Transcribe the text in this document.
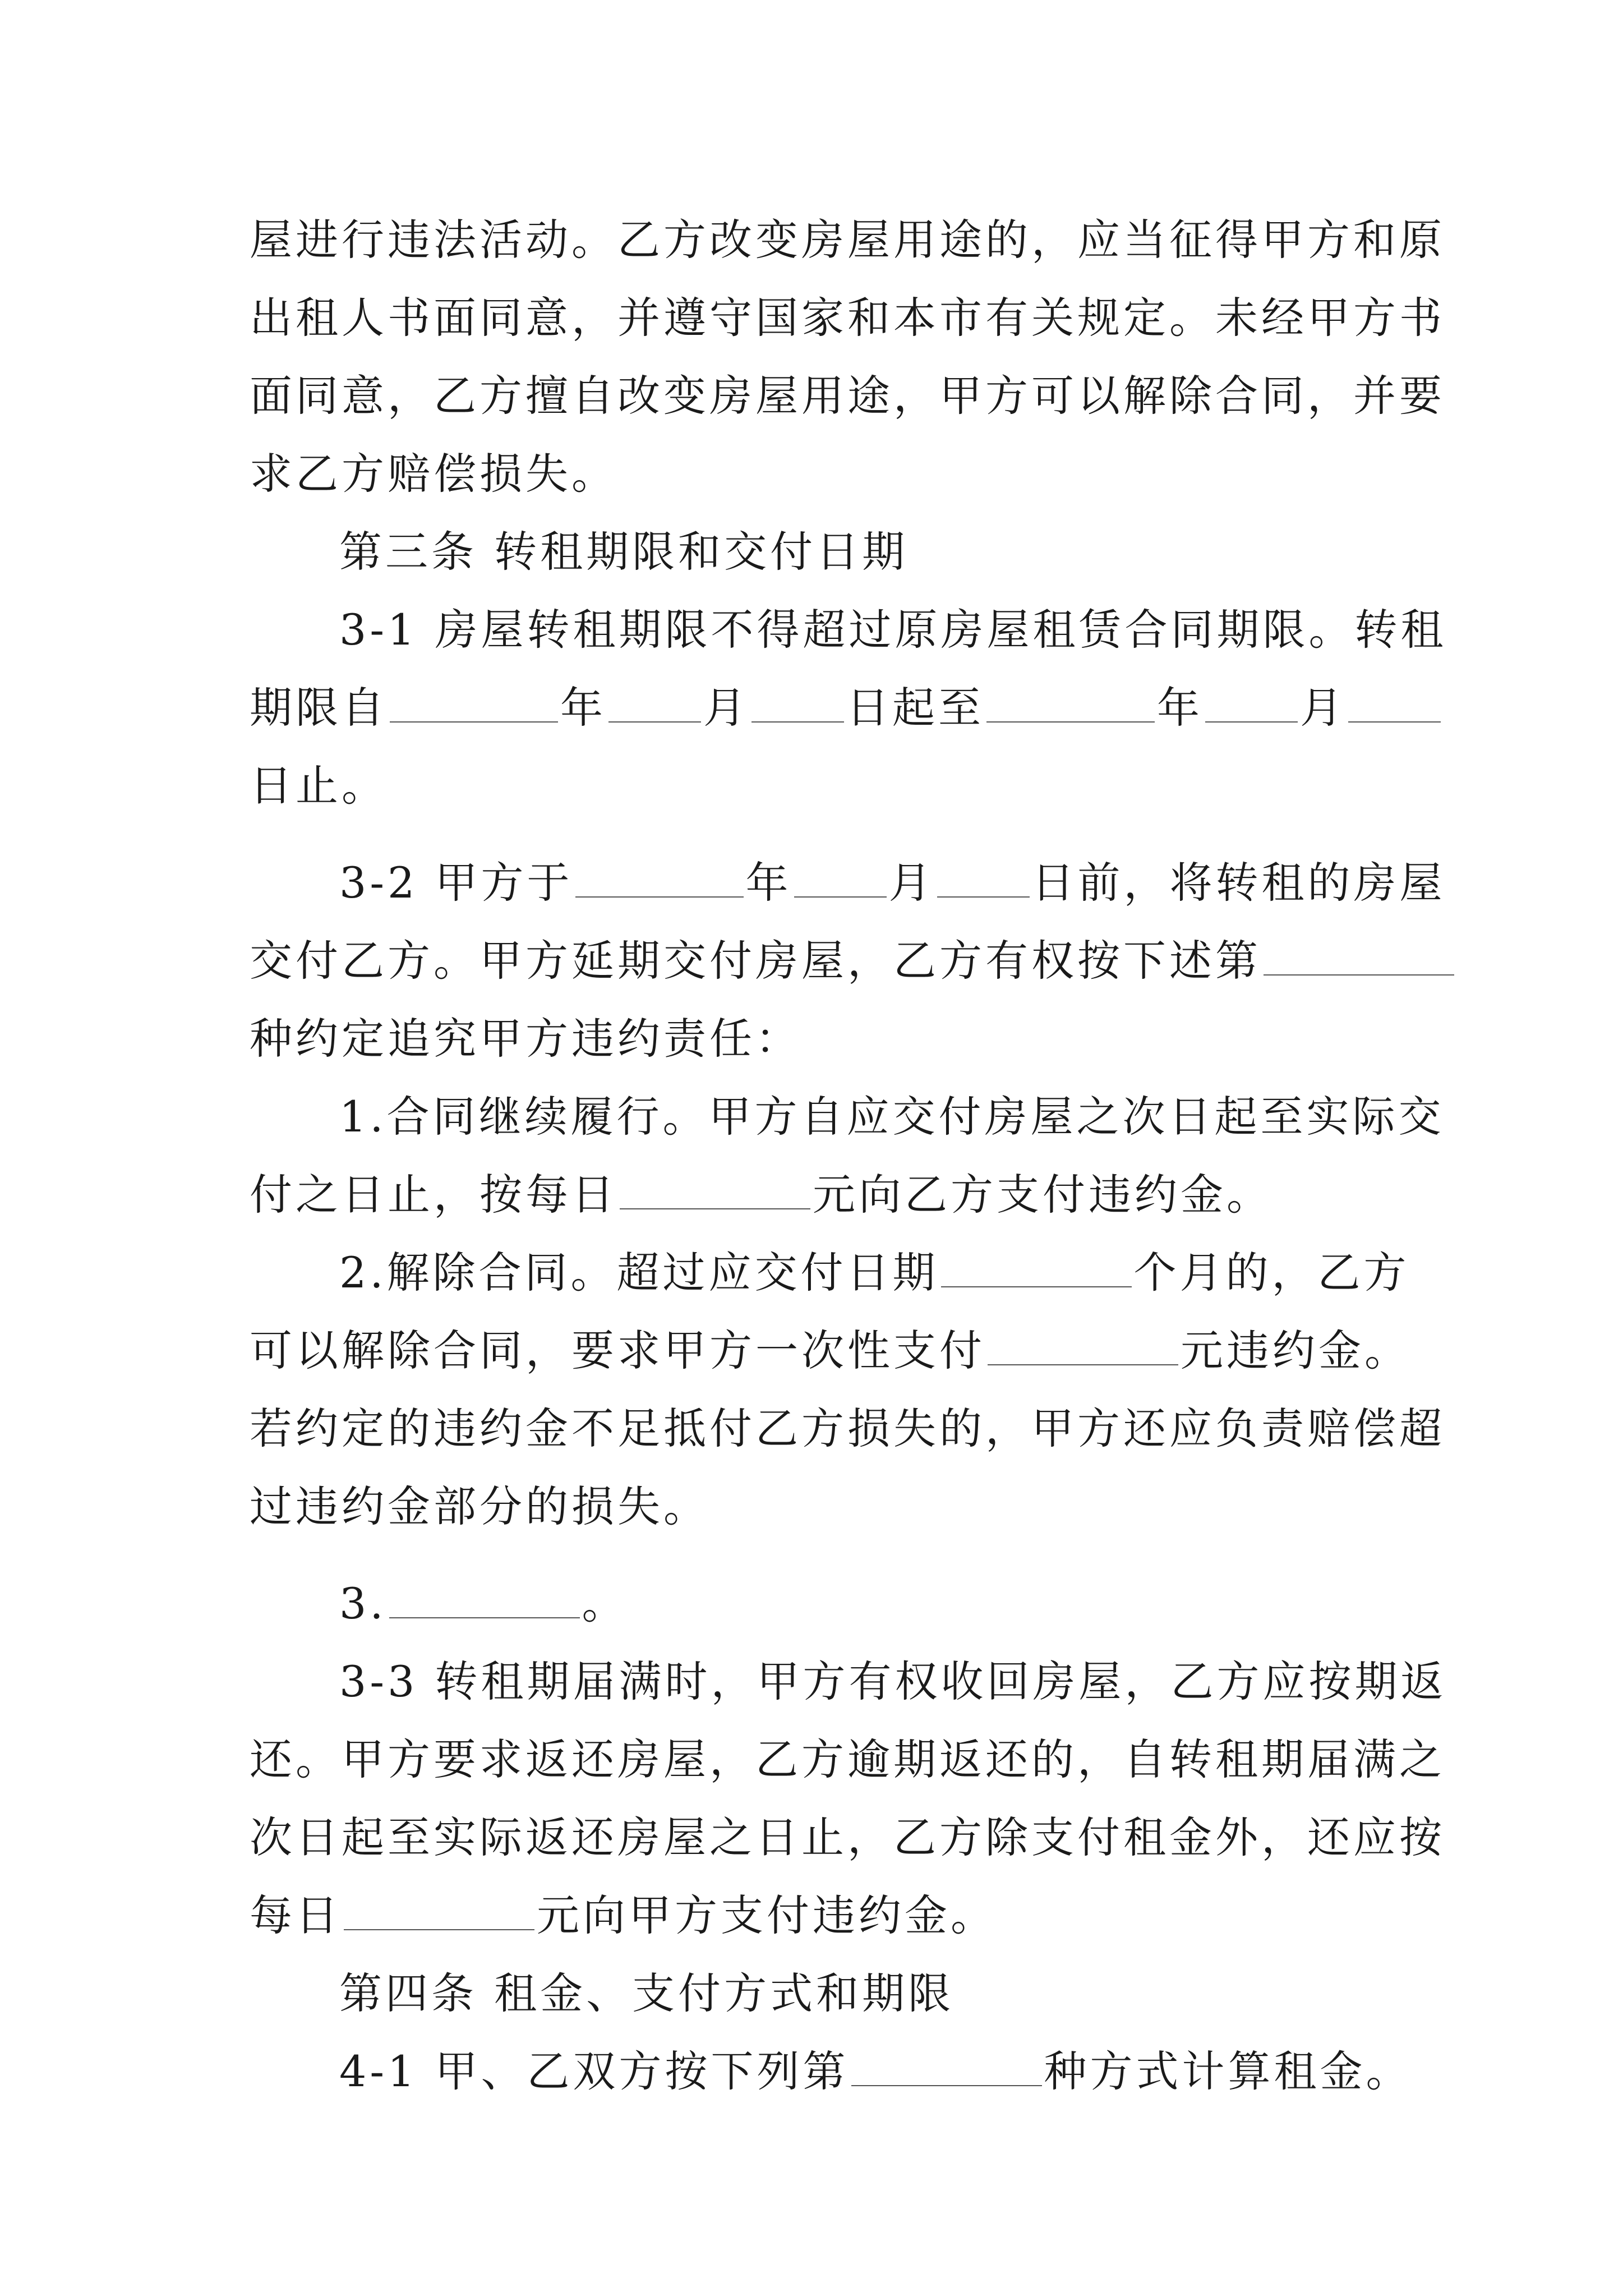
屋进行违法活动。乙方改变房屋用途的，应当征得甲方和原
出租人书面同意，并遵守国家和本市有关规定。未经甲方书
面同意，乙方擅自改变房屋用途，甲方可以解除合同，并要
求乙方赔偿损失。
第三条 转租期限和交付日期
3-1 房屋转租期限不得超过原房屋租赁合同期限。转租
期限自	年 月 日起至	年 月
日止。
3-2 甲方于	年 月 日前，将转租的房屋
交付乙方。甲方延期交付房屋，乙方有权按下述第
种约定追究甲方违约责任：
1.合同继续履行。甲方自应交付房屋之次日起至实际交
付之日止，按每日	元向乙方支付违约金。
2.解除合同。超过应交付日期	个月的，乙方
可以解除合同，要求甲方一次性支付	元违约金。
若约定的违约金不足抵付乙方损失的，甲方还应负责赔偿超
过违约金部分的损失。
3.	。
3-3 转租期届满时，甲方有权收回房屋，乙方应按期返
还。甲方要求返还房屋，乙方逾期返还的，自转租期届满之
次日起至实际返还房屋之日止，乙方除支付租金外，还应按
每日	元向甲方支付违约金。
第四条 租金、支付方式和期限
4-1 甲、乙双方按下列第	种方式计算租金。
